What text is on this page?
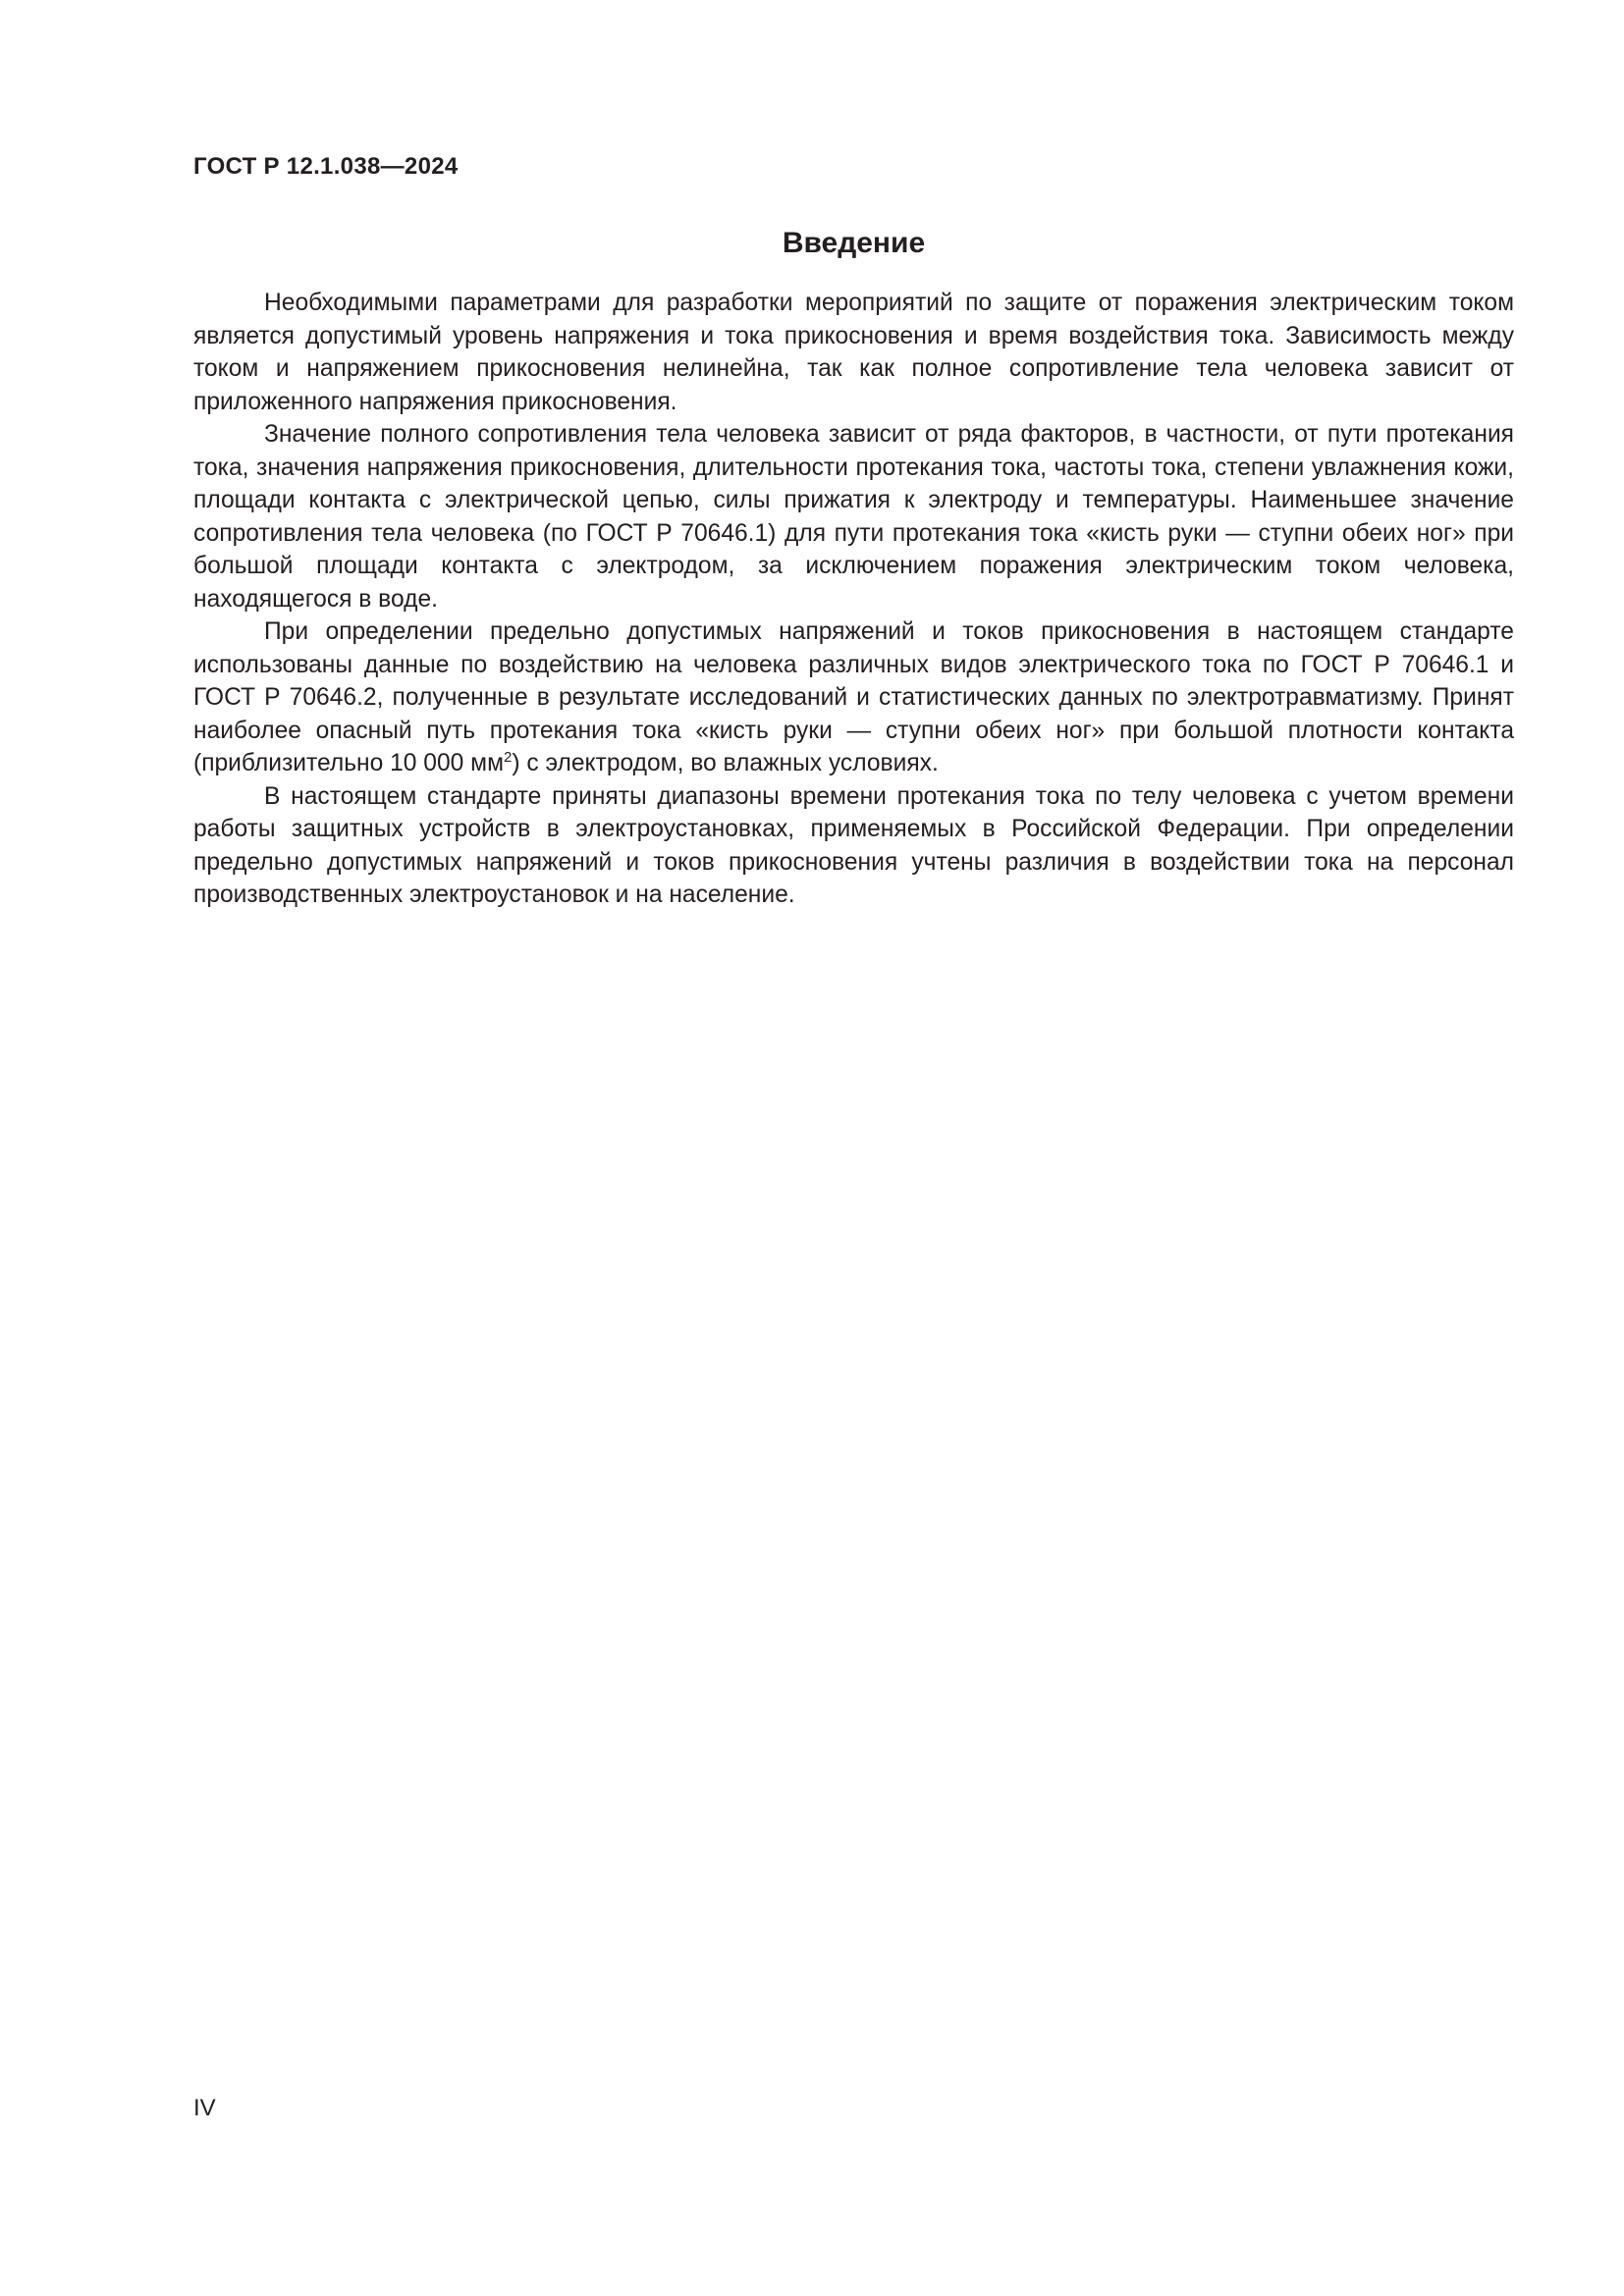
ГОСТ Р 12.1.038—2024
Введение

Необходимыми параметрами для разработки мероприятий по защите от поражения электрическим током является допустимый уровень напряжения и тока прикосновения и время воздействия тока. Зависимость между током и напряжением прикосновения нелинейна, так как полное сопротивление тела человека зависит от приложенного напряжения прикосновения.

Значение полного сопротивления тела человека зависит от ряда факторов, в частности, от пути протекания тока, значения напряжения прикосновения, длительности протекания тока, частоты тока, степени увлажнения кожи, площади контакта с электрической цепью, силы прижатия к электроду и температуры. Наименьшее значение сопротивления тела человека (по ГОСТ Р 70646.1) для пути протекания тока «кисть руки — ступни обеих ног» при большой площади контакта с электродом, за исключением поражения электрическим током человека, находящегося в воде.

При определении предельно допустимых напряжений и токов прикосновения в настоящем стандарте использованы данные по воздействию на человека различных видов электрического тока по ГОСТ Р 70646.1 и ГОСТ Р 70646.2, полученные в результате исследований и статистических данных по электротравматизму. Принят наиболее опасный путь протекания тока «кисть руки — ступни обеих ног» при большой плотности контакта (приблизительно 10 000 $мм^2$) с электродом, во влажных условиях.

В настоящем стандарте приняты диапазоны времени протекания тока по телу человека с учетом времени работы защитных устройств в электроустановках, применяемых в Российской Федерации. При определении предельно допустимых напряжений и токов прикосновения учтены различия в воздействии тока на персонал производственных электроустановок и на население.

IV
